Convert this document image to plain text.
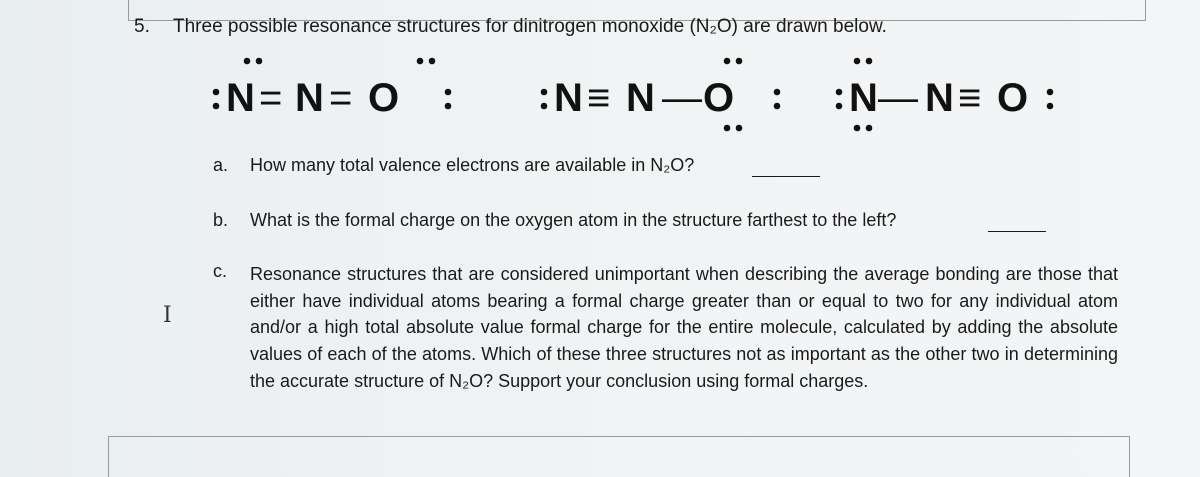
5. Three possible resonance structures for dinitrogen monoxide (N₂O) are drawn below.
N = N = O	N ≡ N — O	N — N ≡ O
a. How many total valence electrons are available in N₂O?
b. What is the formal charge on the oxygen atom in the structure farthest to the left?
c. Resonance structures that are considered unimportant when describing the average bonding are those that either have individual atoms bearing a formal charge greater than or equal to two for any individual atom and/or a high total absolute value formal charge for the entire molecule, calculated by adding the absolute values of each of the atoms. Which of these three structures not as important as the other two in determining the accurate structure of N₂O? Support your conclusion using formal charges.
I
